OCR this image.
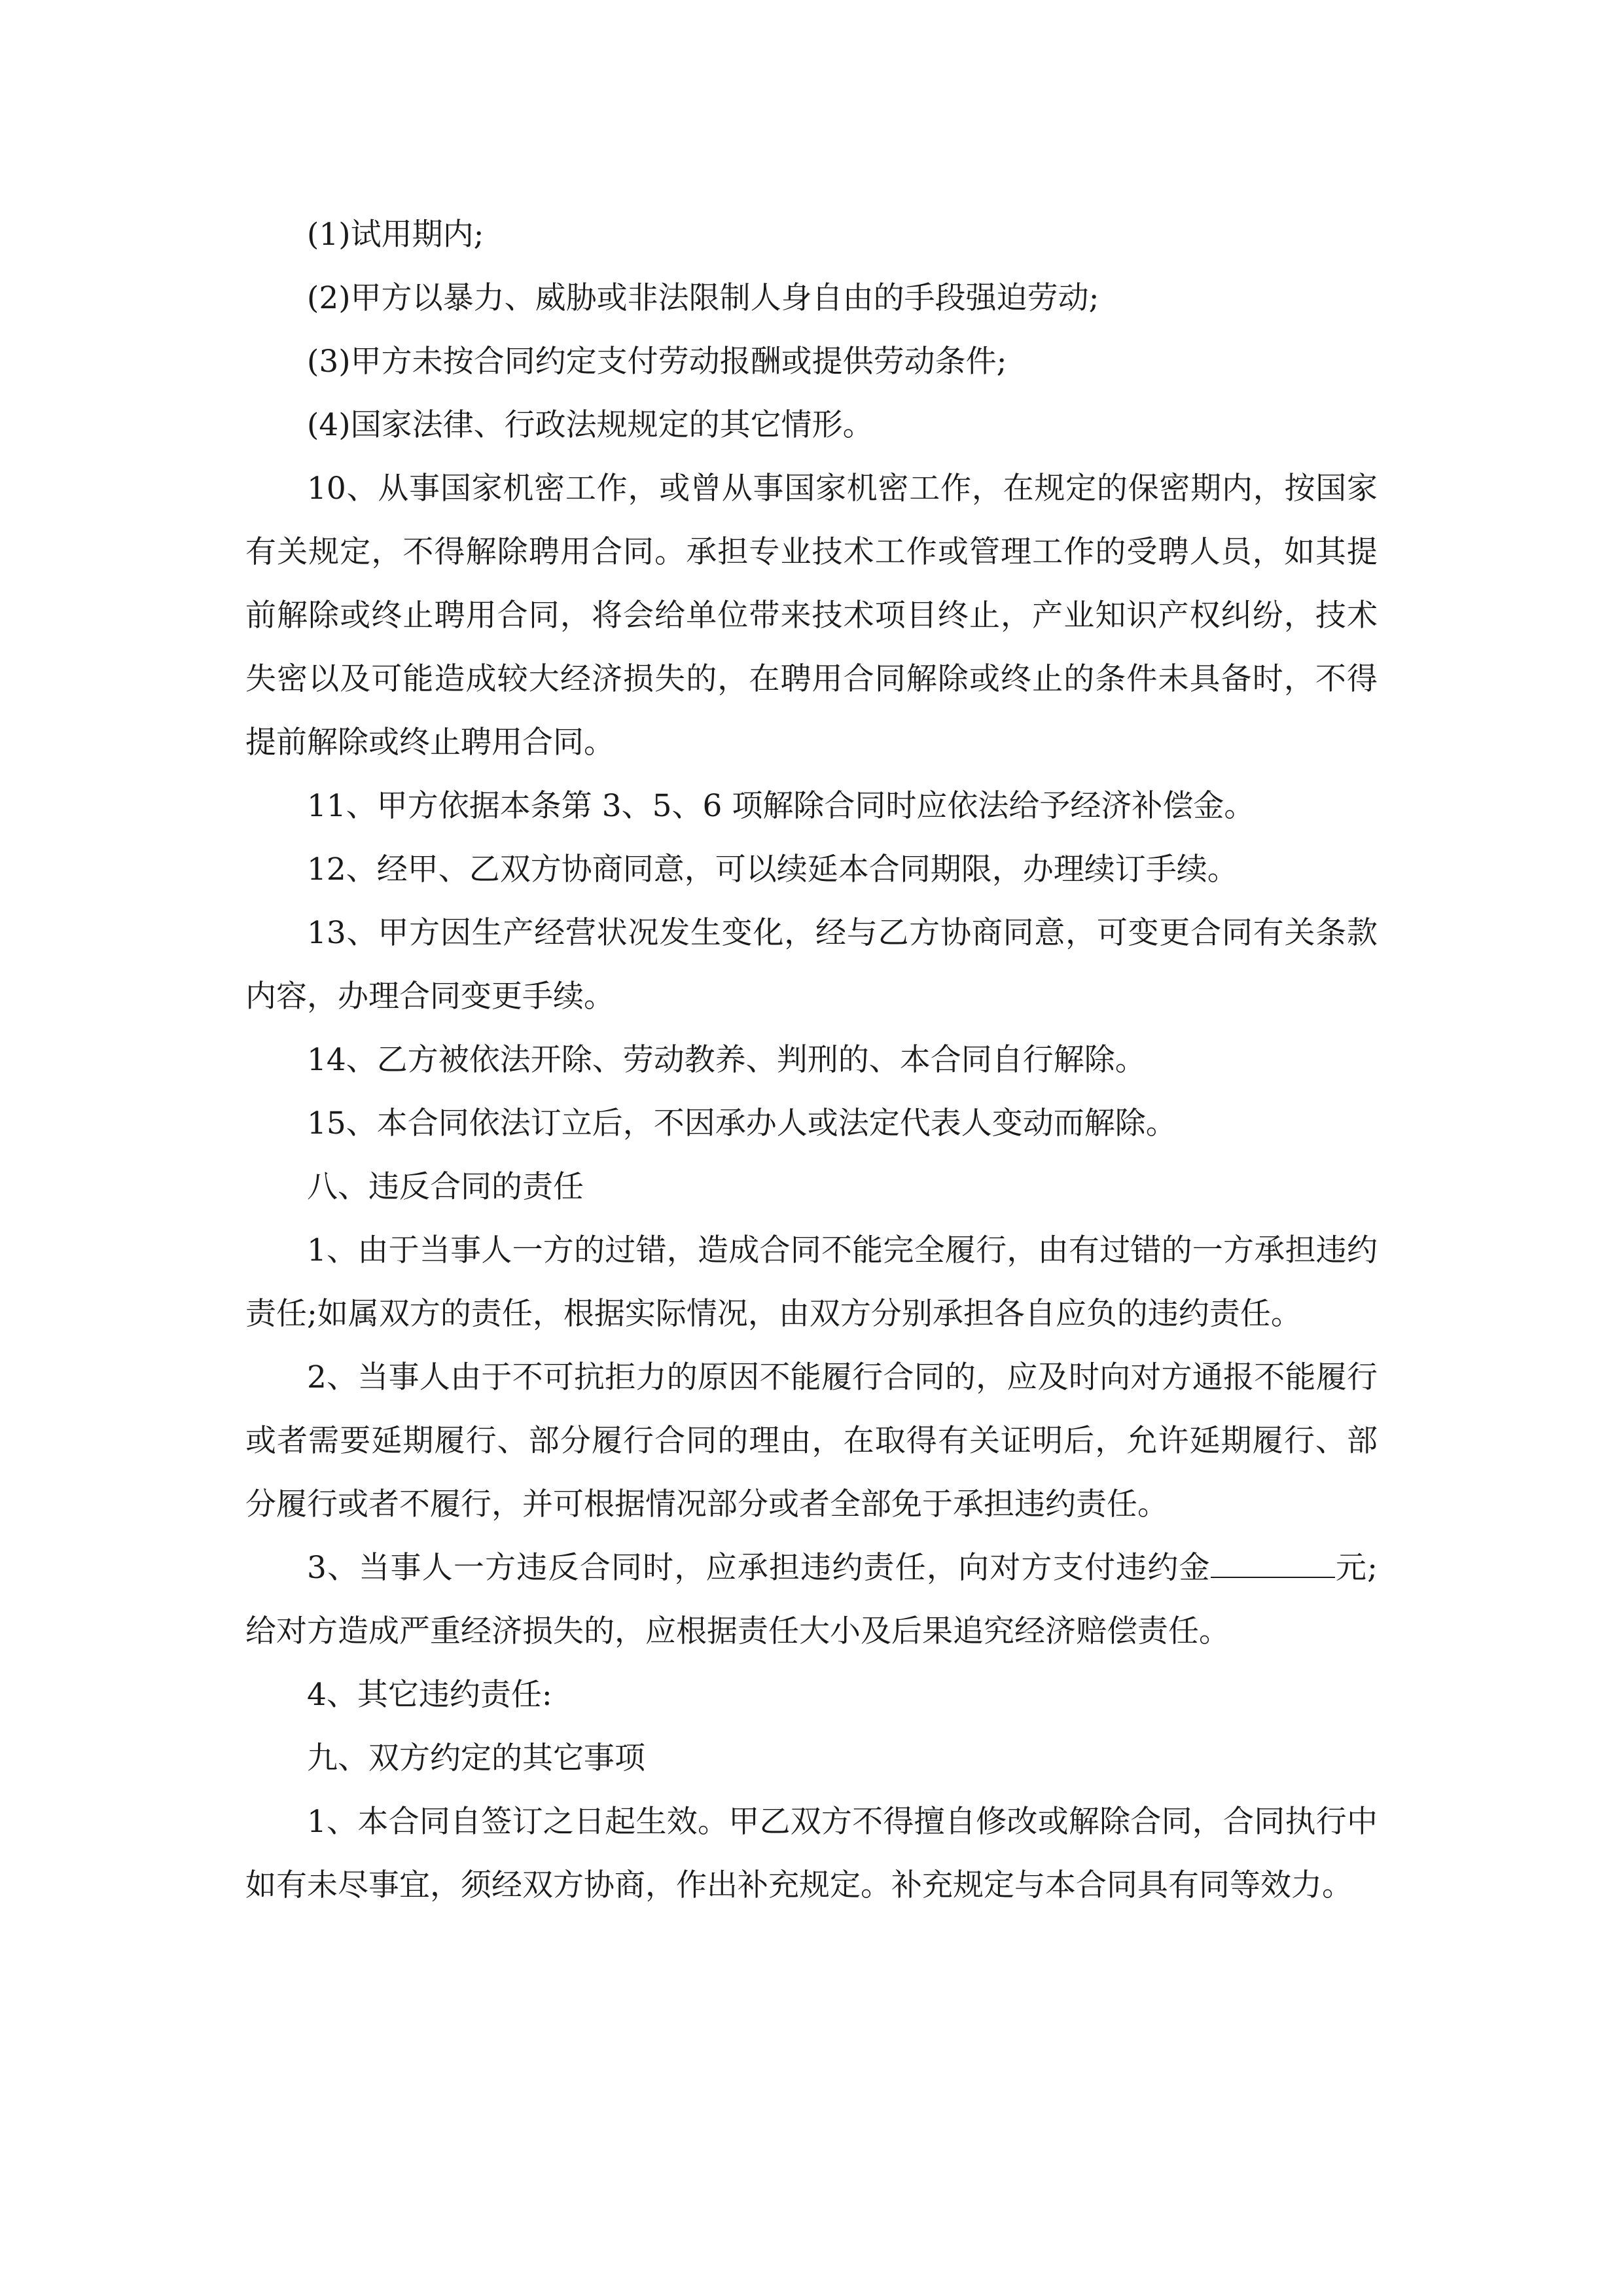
(1)试用期内;

(2)甲方以暴力、威胁或非法限制人身自由的手段强迫劳动;

(3)甲方未按合同约定支付劳动报酬或提供劳动条件;

(4)国家法律、行政法规规定的其它情形。

10、从事国家机密工作，或曾从事国家机密工作，在规定的保密期内，按国家有关规定，不得解除聘用合同。承担专业技术工作或管理工作的受聘人员，如其提前解除或终止聘用合同，将会给单位带来技术项目终止，产业知识产权纠纷，技术失密以及可能造成较大经济损失的，在聘用合同解除或终止的条件未具备时，不得提前解除或终止聘用合同。

11、甲方依据本条第 3、5、6 项解除合同时应依法给予经济补偿金。

12、经甲、乙双方协商同意，可以续延本合同期限，办理续订手续。

13、甲方因生产经营状况发生变化，经与乙方协商同意，可变更合同有关条款内容，办理合同变更手续。

14、乙方被依法开除、劳动教养、判刑的、本合同自行解除。

15、本合同依法订立后，不因承办人或法定代表人变动而解除。

八、违反合同的责任

1、由于当事人一方的过错，造成合同不能完全履行，由有过错的一方承担违约责任;如属双方的责任，根据实际情况，由双方分别承担各自应负的违约责任。

2、当事人由于不可抗拒力的原因不能履行合同的，应及时向对方通报不能履行或者需要延期履行、部分履行合同的理由，在取得有关证明后，允许延期履行、部分履行或者不履行，并可根据情况部分或者全部免于承担违约责任。

3、当事人一方违反合同时，应承担违约责任，向对方支付违约金	元;给对方造成严重经济损失的，应根据责任大小及后果追究经济赔偿责任。

4、其它违约责任:

九、双方约定的其它事项

1、本合同自签订之日起生效。甲乙双方不得擅自修改或解除合同，合同执行中如有未尽事宜，须经双方协商，作出补充规定。补充规定与本合同具有同等效力。
